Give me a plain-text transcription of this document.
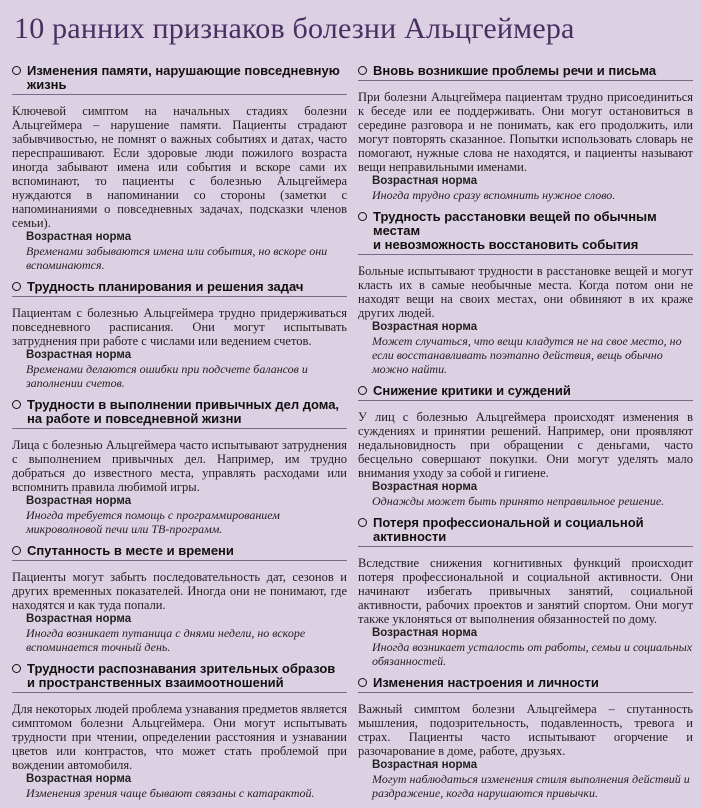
10 ранних признаков болезни Альцгеймера
Изменения памяти, нарушающие повседневную жизнь

Ключевой симптом на начальных стадиях болезни Альцгеймера – нарушение памяти. Пациенты страдают забывчивостью, не помнят о важных событиях и датах, часто переспрашивают. Если здоровые люди пожилого возраста иногда забывают имена или события и вскоре сами их вспоминают, то пациенты с болезнью Альцгеймера нуждаются в напоминании со стороны (заметки с напоминаниями о повседневных задачах, подсказки членов семьи).

Возрастная норма

Временами забываются имена или события, но вскоре они вспоминаются.

Трудность планирования и решения задач

Пациентам с болезнью Альцгеймера трудно придерживаться повседневного расписания. Они могут испытывать затруднения при работе с числами или ведением счетов.

Возрастная норма

Временами делаются ошибки при подсчете балансов и заполнении счетов.

Трудности в выполнении привычных дел дома,
на работе и повседневной жизни

Лица с болезнью Альцгеймера часто испытывают затруднения с выполнением привычных дел. Например, им трудно добраться до известного места, управлять расходами или вспомнить правила любимой игры.

Возрастная норма

Иногда требуется помощь с программированием микроволновой печи или ТВ-программ.

Спутанность в месте и времени

Пациенты могут забыть последовательность дат, сезонов и других временных показателей. Иногда они не понимают, где находятся и как туда попали.

Возрастная норма

Иногда возникает путаница с днями недели, но вскоре вспоминается точный день.

Трудности распознавания зрительных образов
и пространственных взаимоотношений

Для некоторых людей проблема узнавания предметов является симптомом болезни Альцгеймера. Они могут испытывать трудности при чтении, определении расстояния и узнавании цветов или контрастов, что может стать проблемой при вождении автомобиля.

Возрастная норма

Изменения зрения чаще бывают связаны с катарактой.

Вновь возникшие проблемы речи и письма

При болезни Альцгеймера пациентам трудно присоединиться к беседе или ее поддерживать. Они могут остановиться в середине разговора и не понимать, как его продолжить, или могут повторять сказанное. Попытки использовать словарь не помогают, нужные слова не находятся, и пациенты называют вещи неправильными именами.

Возрастная норма

Иногда трудно сразу вспомнить нужное слово.

Трудность расстановки вещей по обычным местам
и невозможность восстановить события

Больные испытывают трудности в расстановке вещей и могут класть их в самые необычные места. Когда потом они не находят вещи на своих местах, они обвиняют в их краже других людей.

Возрастная норма

Может случаться, что вещи кладутся не на свое место, но если восстанавливать поэтапно действия, вещь обычно можно найти.

Снижение критики и суждений

У лиц с болезнью Альцгеймера происходят изменения в суждениях и принятии решений. Например, они проявляют недальновидность при обращении с деньгами, часто бесцельно совершают покупки. Они могут уделять мало внимания уходу за собой и гигиене.

Возрастная норма

Однажды может быть принято неправильное решение.

Потеря профессиональной и социальной активности

Вследствие снижения когнитивных функций происходит потеря профессиональной и социальной активности. Они начинают избегать привычных занятий, социальной активности, рабочих проектов и занятий спортом. Они могут также уклоняться от выполнения обязанностей по дому.

Возрастная норма

Иногда возникает усталость от работы, семьи и социальных обязанностей.

Изменения настроения и личности

Важный симптом болезни Альцгеймера – спутанность мышления, подозрительность, подавленность, тревога и страх. Пациенты часто испытывают огорчение и разочарование в доме, работе, друзьях.

Возрастная норма

Могут наблюдаться изменения стиля выполнения действий и раздражение, когда нарушаются привычки.
